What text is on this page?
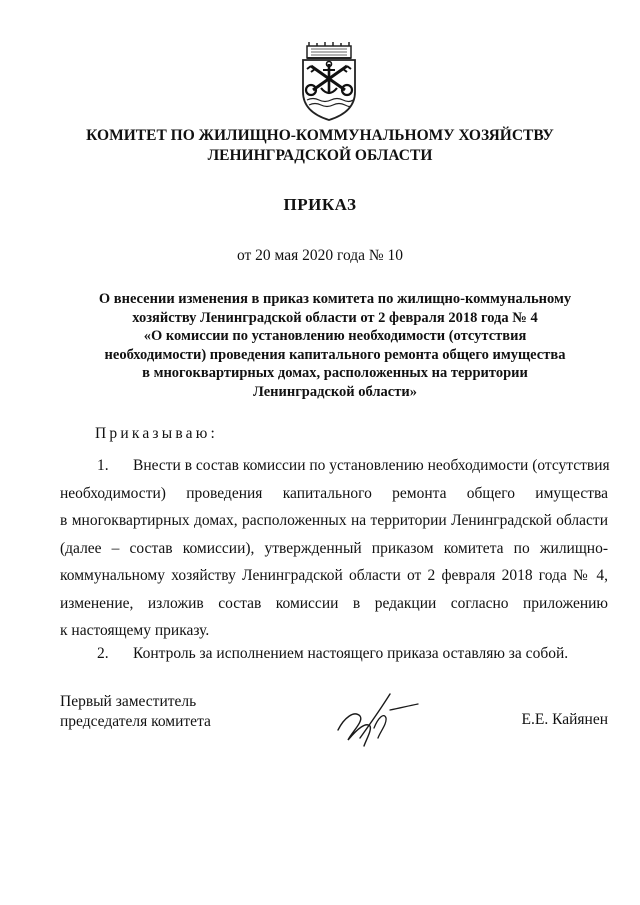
КОМИТЕТ ПО ЖИЛИЩНО-КОММУНАЛЬНОМУ ХОЗЯЙСТВУ
ЛЕНИНГРАДСКОЙ ОБЛАСТИ
ПРИКАЗ
от 20 мая 2020 года № 10
О внесении изменения в приказ комитета по жилищно-коммунальному
хозяйству Ленинградской области от 2 февраля 2018 года № 4
«О комиссии по установлению необходимости (отсутствия
необходимости) проведения капитального ремонта общего имущества
в многоквартирных домах, расположенных на территории
Ленинградской области»
Приказываю:
1. Внести в состав комиссии по установлению необходимости (отсутствия
необходимости) проведения капитального ремонта общего имущества
в многоквартирных домах, расположенных на территории Ленинградской области
(далее – состав комиссии), утвержденный приказом комитета по жилищно-
коммунальному хозяйству Ленинградской области от 2 февраля 2018 года № 4,
изменение, изложив состав комиссии в редакции согласно приложению
к настоящему приказу.
2. Контроль за исполнением настоящего приказа оставляю за собой.
Первый заместитель
председателя комитета	Е.Е. Кайянен
